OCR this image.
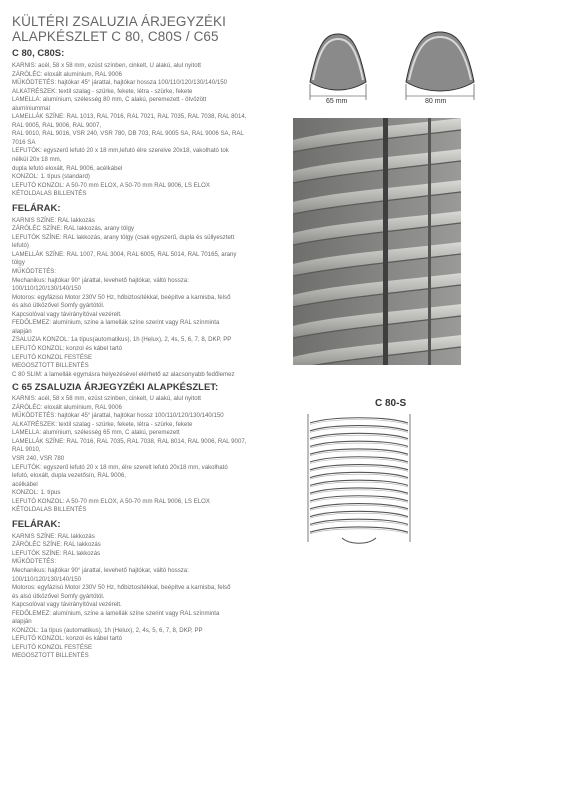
KÜLTÉRI ZSALUZIA ÁRJEGYZÉKI ALAPKÉSZLET C 80, C80S / C65
C 80, C80S:
KARNIS: acél, 58 x 58 mm, ezüst színben, cinkelt, U alakú, alul nyitott
ZÁRÓLÉC: eloxált alumínium, RAL 9006
MŰKÖDTETÉS: hajtókar 45° járattal, hajtókar hossza 100/110/120/130/140/150
ALKATRÉSZEK: textil szalag - szürke, fekete, létra - szürke, fekete
LAMELLA: alumínium, szélesség 80 mm, C alakú, peremezett - ötvözött
alumíniummal
LAMELLÁK SZÍNE: RAL 1013, RAL 7016, RAL 7021, RAL 7035, RAL 7038, RAL 8014,
RAL 9005, RAL 9006, RAL 9007,
RAL 9010, RAL 9016, VSR 240, VSR 780, DB 703, RAL 9005 SA, RAL 9006 SA, RAL
7016 SA
LEFUTÓK: egyszerű lefutó 20 x 18 mm,lefutó élre szerelve 20x18, vakolható tok
nélkül 20x 18 mm,
dupla lefutó eloxált, RAL 9006, acélkábel
KONZOL: 1. típus (standard)
LEFUTÓ KONZOL: A 50-70 mm ELOX, A 50-70 mm RAL 9006, LS ELOX
KÉTOLDALAS BILLENTÉS
FELÁRAK:
KARNIS SZÍNE: RAL lakkozás
ZÁRÓLÉC SZÍNE: RAL lakkozás, arany tölgy
LEFUTÓK SZÍNE: RAL lakkozás, arany tölgy (csak egyszerű, dupla és süllyesztett
lefutó)
LAMELLÁK SZÍNE: RAL 1007, RAL 3004, RAL 6005, RAL 5014, RAL 70165, arany
tölgy
MŰKÖDTETÉS:
Mechanikus: hajtókar 90° járattal, levehető hajtókar, váltó hossza:
100/110/120/130/140/150
Motoros: egyfázisú Motor 230V 50 Hz, hőbiztosítékkal, beépítve a karnisba, felső
és alsó ütközővel Somfy gyártótól.
Kapcsolóval vagy távirányítóval vezérelt.
FEDŐLEMEZ: alumínium, színe a lamellák színe szerint vagy RAL színminta
alapján
ZSALUZIA KONZOL: 1a típus(automatikus), 1h (Helux), 2, 4s, 5, 6, 7, 8, DKP, PP
LEFUTÓ KONZOL: konzol és kábel tartó
LEFUTÓ KONZOL FESTÉSE
MEGOSZTOTT BILLENTÉS
C 80 SLIM: a lamellák egymásra helyezésével elérhető az alacsonyabb fedőlemez
C 65 ZSALUZIA ÁRJEGYZÉKI ALAPKÉSZLET:
KARNIS: acél, 58 x 58 mm, ezüst színben, cinkelt, U alakú, alul nyitott
ZÁRÓLÉC: eloxált alumínium, RAL 9006
MŰKÖDTETÉS: hajtókar 45° járattal, hajtókar hossz 100/110/120/130/140/150
ALKATRÉSZEK: textil szalag - szürke, fekete, létra - szürke, fekete
LAMELLA: alumínium, szélesség 65 mm, C alakú, peremezett
LAMELLÁK SZÍNE: RAL 7016, RAL 7035, RAL 7038, RAL 8014, RAL 9006, RAL 9007,
RAL 9010,
VSR 240, VSR 780
LEFUTÓK: egyszerű lefutó 20 x 18 mm, élre szerelt lefutó 20x18 mm, vakolható
lefutó, eloxált, dupla vezetősín, RAL 9006,
acélkábel
KONZOL: 1. típus
LEFUTÓ KONZOL: A 50-70 mm ELOX, A 50-70 mm RAL 9006, LS ELOX
KÉTOLDALAS BILLENTÉS
FELÁRAK:
KARNIS SZÍNE: RAL lakkozás
ZÁRÓLÉC SZÍNE: RAL lakkozás
LEFUTÓK SZÍNE: RAL lakkozás
MŰKÖDTETÉS:
Mechanikus: hajtókar 90° járattal, levehető hajtókar, váltó hossza:
100/110/120/130/140/150
Motoros: egyfázisú Motor 230V 50 Hz, hőbiztosítékkal, beépítve a karnisba, felső
és alsó ütközővel Somfy gyártótól.
Kapcsolóval vagy távirányítóval vezérelt.
FEDŐLEMEZ: alumínium, színe a lamellák színe szerint vagy RAL színminta
alapján
KONZOL: 1a típus (automatikus), 1h (Helux), 2, 4s, 5, 6, 7, 8, DKP, PP
LEFUTÓ KONZOL: konzol és kábel tartó
LEFUTÓ KONZOL FESTÉSE
MEGOSZTOTT BILLENTÉS
65 mm	80 mm
C 80-S
